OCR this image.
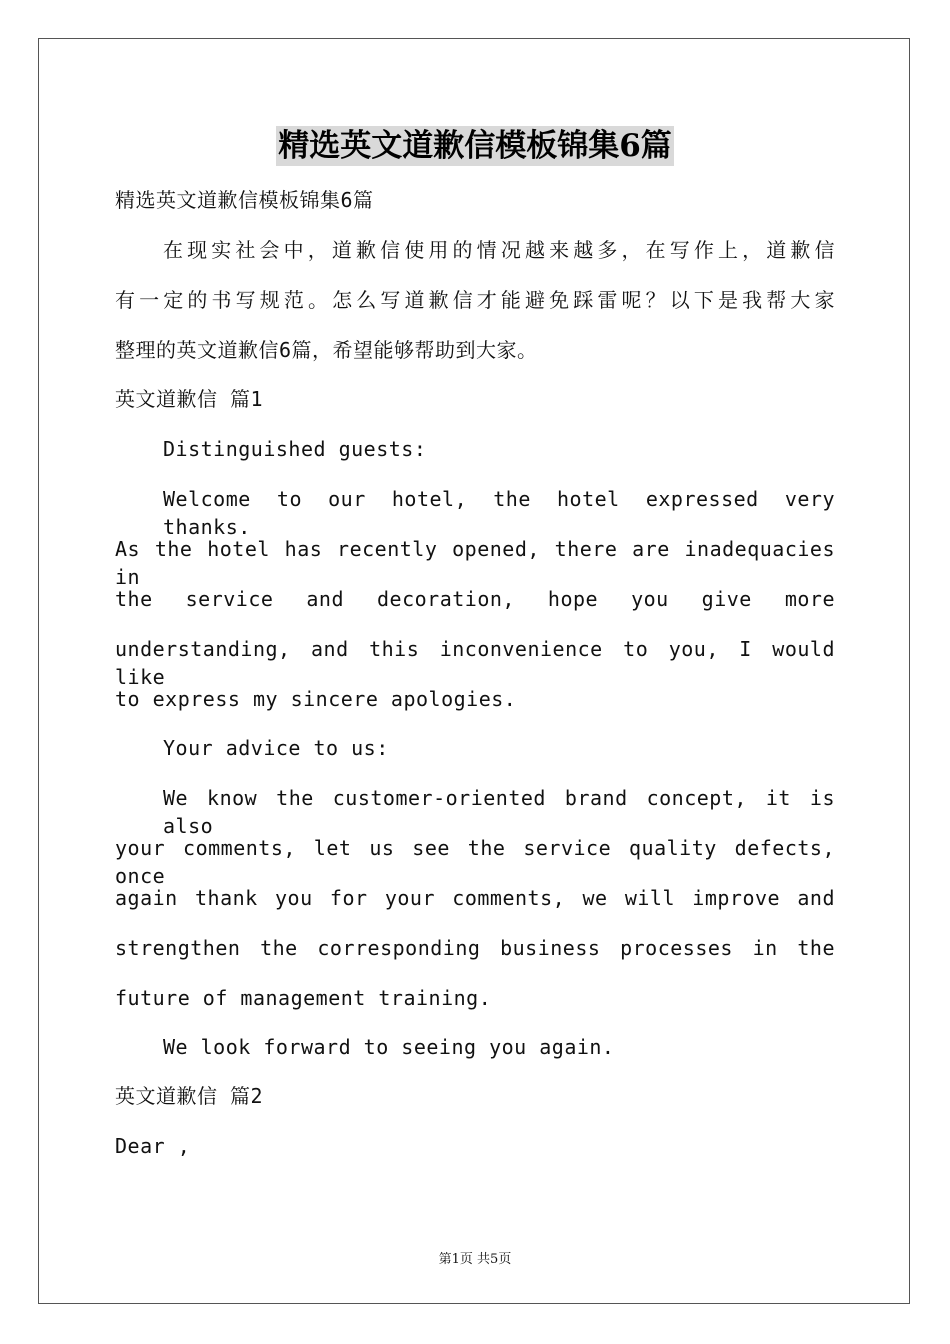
精选英文道歉信模板锦集6篇
精选英文道歉信模板锦集6篇
在现实社会中，道歉信使用的情况越来越多，在写作上，道歉信
有一定的书写规范。怎么写道歉信才能避免踩雷呢？以下是我帮大家
整理的英文道歉信6篇，希望能够帮助到大家。
英文道歉信 篇1
Distinguished guests:
Welcome to our hotel, the hotel expressed very thanks.
As the hotel has recently opened, there are inadequacies in
the service and decoration, hope you give more
understanding, and this inconvenience to you, I would like
to express my sincere apologies.
Your advice to us:
We know the customer-oriented brand concept, it is also
your comments, let us see the service quality defects, once
again thank you for your comments, we will improve and
strengthen the corresponding business processes in the
future of management training.
We look forward to seeing you again.
英文道歉信 篇2
Dear ,
第1页 共5页
